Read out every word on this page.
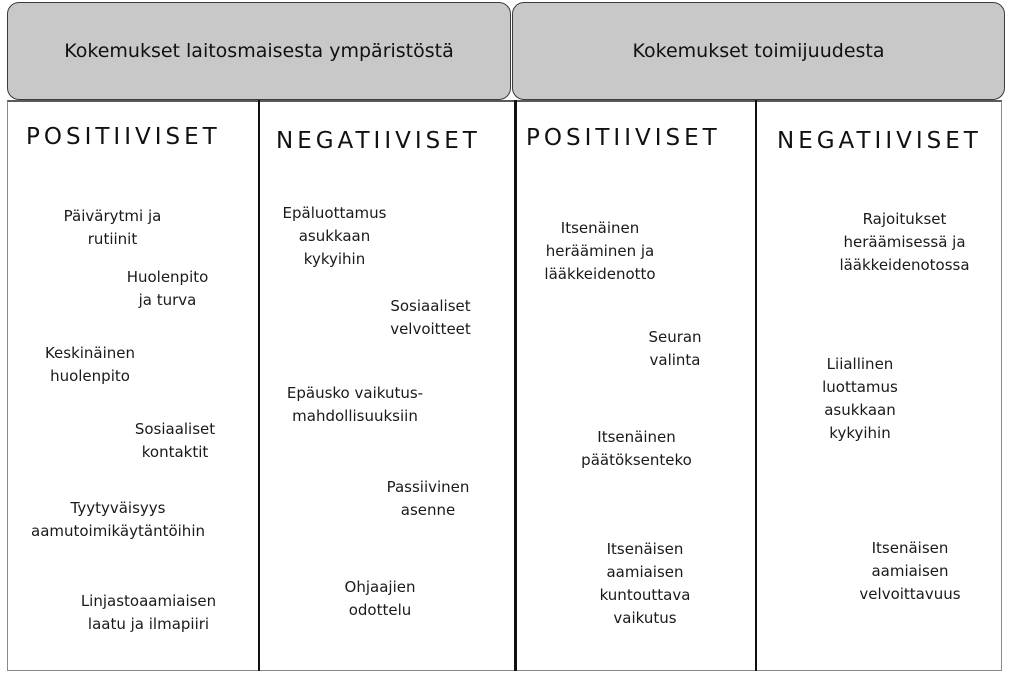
Kokemukset laitosmaisesta ympäristöstä	Kokemukset toimijuudesta
POSITIIVISET
Päivärytmi ja
rutiinit
Huolenpito
ja turva
Keskinäinen
huolenpito
Sosiaaliset
kontaktit
Tyytyväisyys
aamutoimikäytäntöihin
Linjastoaamiaisen
laatu ja ilmapiiri
NEGATIIVISET
Epäluottamus
asukkaan
kykyihin
Sosiaaliset
velvoitteet
Epäusko vaikutus-
mahdollisuuksiin
Passiivinen
asenne
Ohjaajien
odottelu
POSITIIVISET
Itsenäinen
herääminen ja
lääkkeidenotto
Seuran
valinta
Itsenäinen
päätöksenteko
Itsenäisen
aamiaisen
kuntouttava
vaikutus
NEGATIIVISET
Rajoitukset
heräämisessä ja
lääkkeidenotossa
Liiallinen
luottamus
asukkaan
kykyihin
Itsenäisen
aamiaisen
velvoittavuus
